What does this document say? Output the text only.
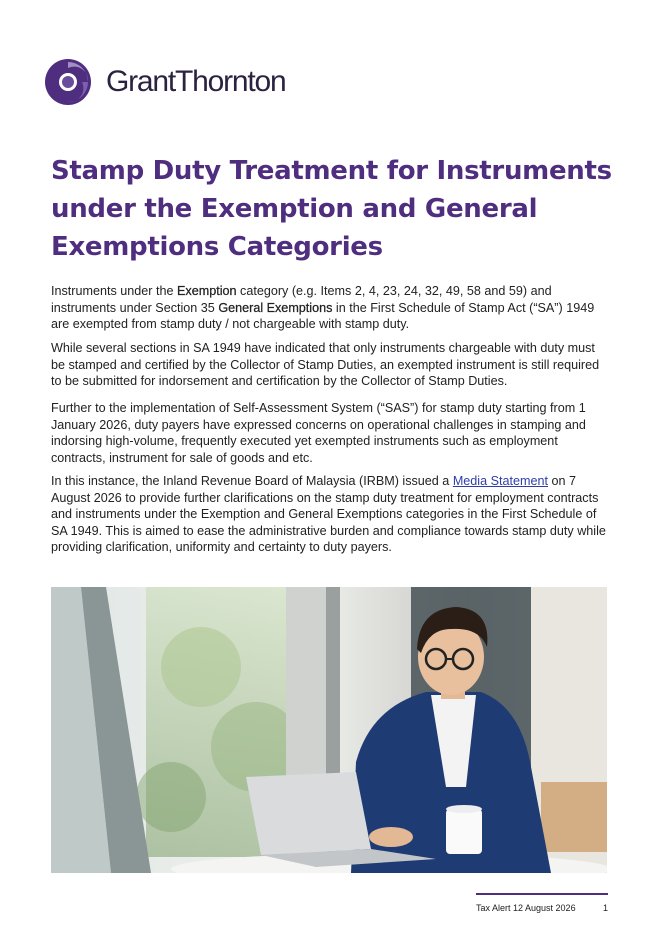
GrantThornton
Stamp Duty Treatment for Instruments under the Exemption and General Exemptions Categories

Instruments under the Exemption category (e.g. Items 2, 4, 23, 24, 32, 49, 58 and 59) and instruments under Section 35 General Exemptions in the First Schedule of Stamp Act (“SA”) 1949 are exempted from stamp duty / not chargeable with stamp duty.

While several sections in SA 1949 have indicated that only instruments chargeable with duty must be stamped and certified by the Collector of Stamp Duties, an exempted instrument is still required to be submitted for indorsement and certification by the Collector of Stamp Duties.

Further to the implementation of Self-Assessment System (“SAS”) for stamp duty starting from 1 January 2026, duty payers have expressed concerns on operational challenges in stamping and indorsing high-volume, frequently executed yet exempted instruments such as employment contracts, instrument for sale of goods and etc.

In this instance, the Inland Revenue Board of Malaysia (IRBM) issued a Media Statement on 7 August 2026 to provide further clarifications on the stamp duty treatment for employment contracts and instruments under the Exemption and General Exemptions categories in the First Schedule of SA 1949. This is aimed to ease the administrative burden and compliance towards stamp duty while providing clarification, uniformity and certainty to duty payers.

Tax Alert 12 August 2026	1
